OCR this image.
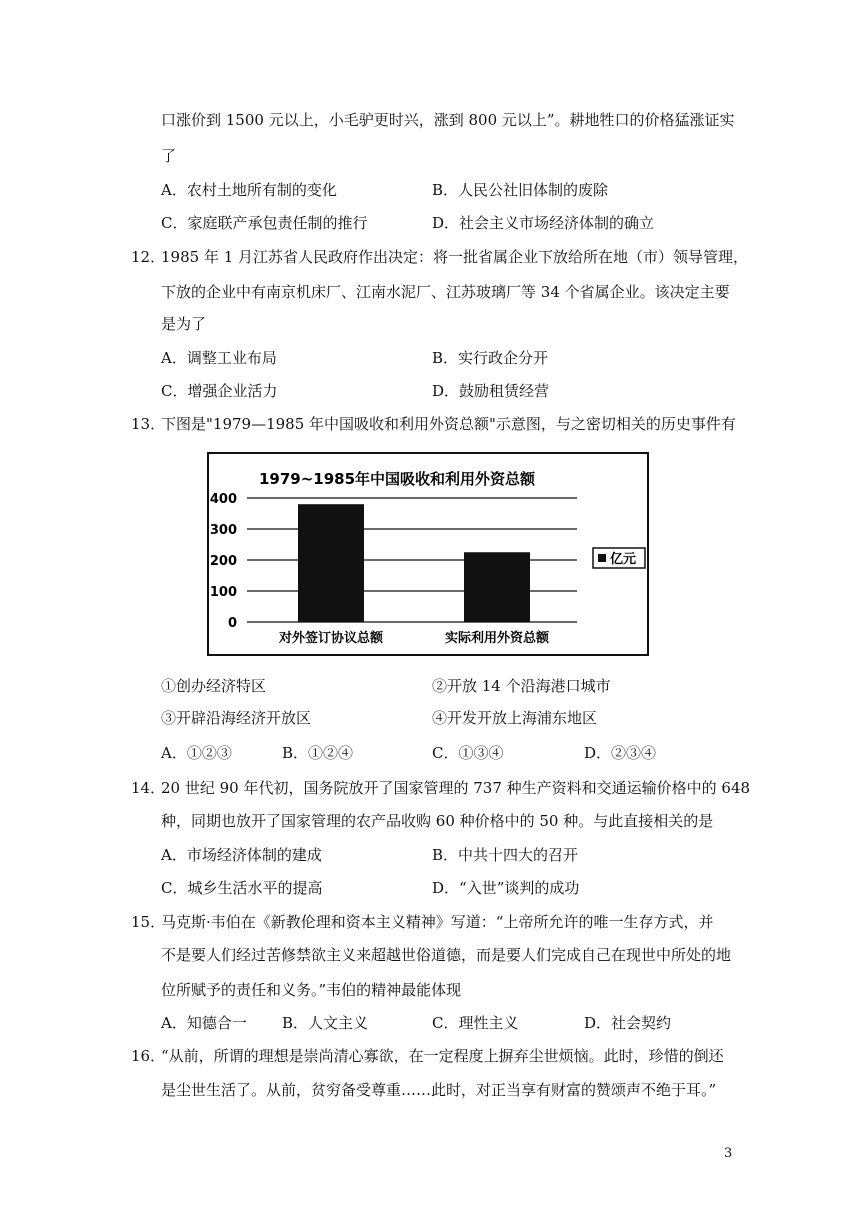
口涨价到 1500 元以上，小毛驴更时兴，涨到 800 元以上”。耕地牲口的价格猛涨证实
了
A．农村土地所有制的变化	B．人民公社旧体制的废除
C．家庭联产承包责任制的推行	D．社会主义市场经济体制的确立
12．
1985 年 1 月江苏省人民政府作出决定：将一批省属企业下放给所在地（市）领导管理，
下放的企业中有南京机床厂、江南水泥厂、江苏玻璃厂等 34 个省属企业。该决定主要
是为了
A．调整工业布局	B．实行政企分开
C．增强企业活力	D．鼓励租赁经营
13．
下图是"1979—1985 年中国吸收和利用外资总额"示意图，与之密切相关的历史事件有
1979~1985年中国吸收和利用外资总额
0
100
200
300
400
对外签订协议总额	实际利用外资总额
亿元
①创办经济特区	②开放 14 个沿海港口城市
③开辟沿海经济开放区	④开发开放上海浦东地区
A．①②③	B．①②④	C．①③④	D．②③④
14．
20 世纪 90 年代初，国务院放开了国家管理的 737 种生产资料和交通运输价格中的 648
种，同期也放开了国家管理的农产品收购 60 种价格中的 50 种。与此直接相关的是
A．市场经济体制的建成	B．中共十四大的召开
C．城乡生活水平的提高	D．“入世”谈判的成功
15．
马克斯·韦伯在《新教伦理和资本主义精神》写道：“上帝所允许的唯一生存方式，并
不是要人们经过苦修禁欲主义来超越世俗道德，而是要人们完成自己在现世中所处的地
位所赋予的责任和义务。”韦伯的精神最能体现
A．知德合一 B．人文主义	C．理性主义	D．社会契约
16．
“从前，所谓的理想是崇尚清心寡欲，在一定程度上摒弃尘世烦恼。此时，珍惜的倒还
是尘世生活了。从前，贫穷备受尊重……此时，对正当享有财富的赞颂声不绝于耳。”
3
